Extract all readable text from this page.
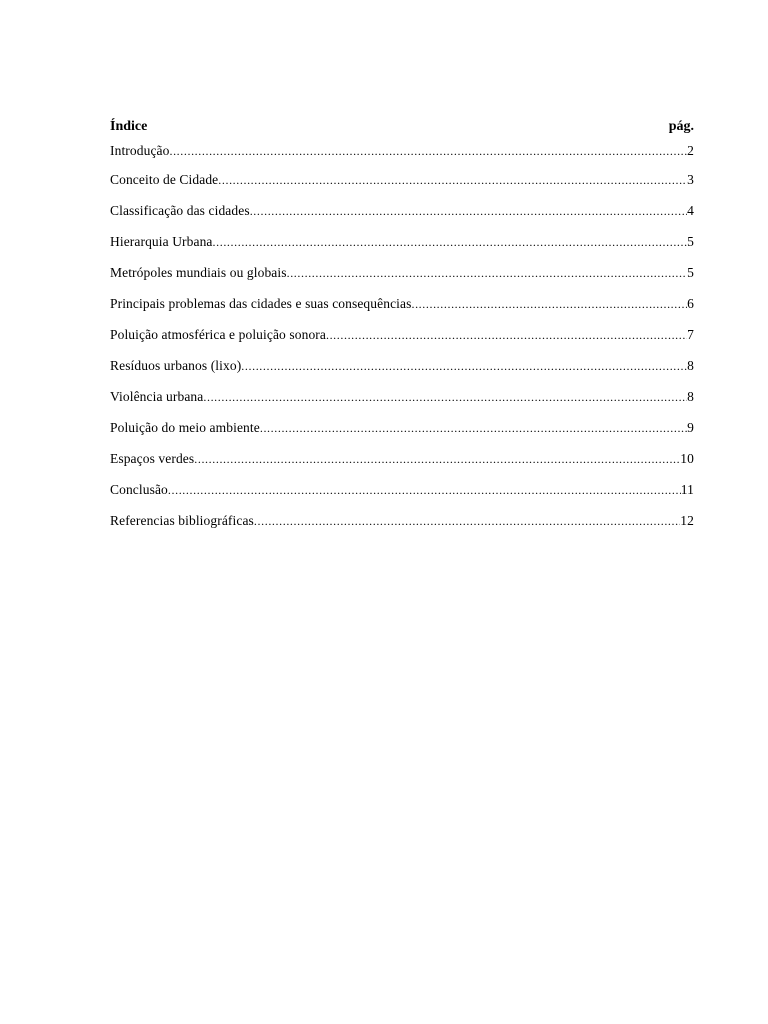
Índice	pág.
Introdução .....	2
Conceito de Cidade .....	3
Classificação das cidades .....	4
Hierarquia Urbana .....	5
Metrópoles mundiais ou globais .....	5
Principais problemas das cidades e suas consequências .....	6
Poluição atmosférica e poluição sonora .....	7
Resíduos urbanos (lixo) .....	8
Violência urbana .....	8
Poluição do meio ambiente .....	9
Espaços verdes .....	10
Conclusão .....	11
Referencias bibliográficas .....	12
